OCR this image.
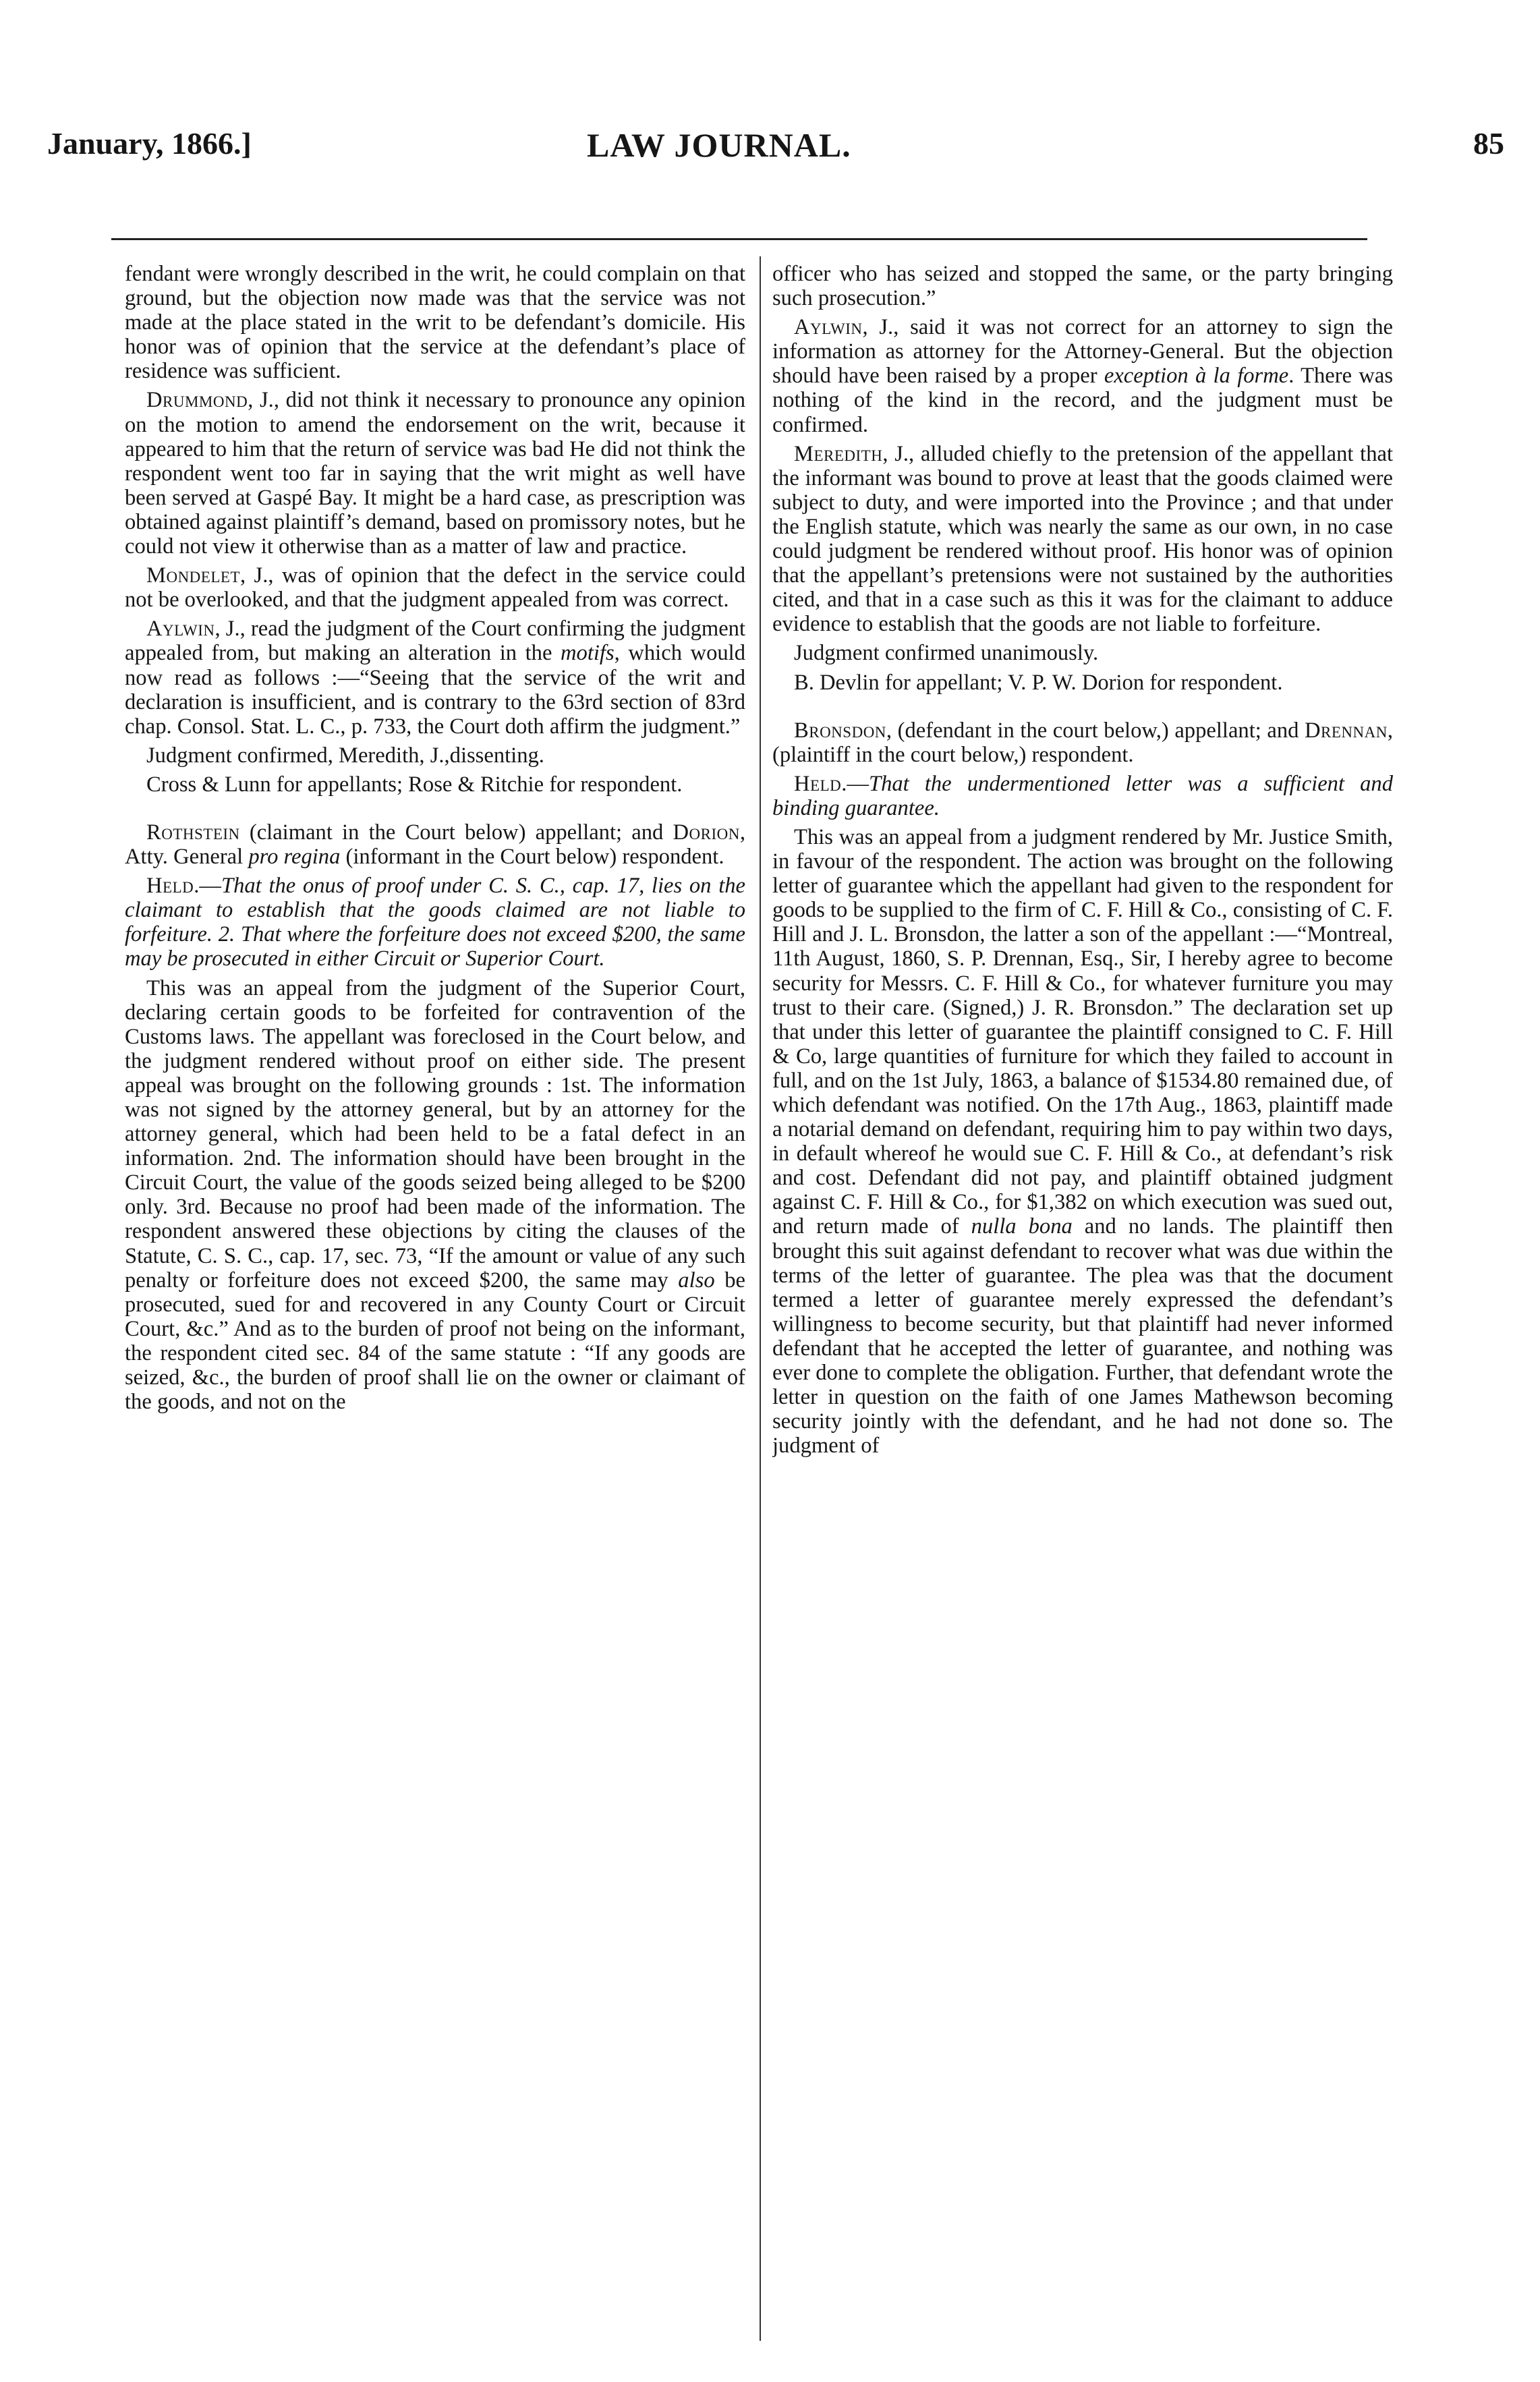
January, 1866.]	LAW JOURNAL.	85

fendant were wrongly described in the writ, he could complain on that ground, but the objection now made was that the service was not made at the place stated in the writ to be defendant’s domicile. His honor was of opinion that the service at the defendant’s place of residence was sufficient.

Drummond, J., did not think it necessary to pronounce any opinion on the motion to amend the endorsement on the writ, because it appeared to him that the return of service was bad He did not think the respondent went too far in saying that the writ might as well have been served at Gaspé Bay. It might be a hard case, as prescription was obtained against plaintiff’s demand, based on promissory notes, but he could not view it otherwise than as a matter of law and practice.

Mondelet, J., was of opinion that the defect in the service could not be overlooked, and that the judgment appealed from was correct.

Aylwin, J., read the judgment of the Court confirming the judgment appealed from, but making an alteration in the motifs, which would now read as follows :—“Seeing that the service of the writ and declaration is insufficient, and is contrary to the 63rd section of 83rd chap. Consol. Stat. L. C., p. 733, the Court doth affirm the judgment.”

Judgment confirmed, Meredith, J.,dissenting.

Cross & Lunn for appellants; Rose & Ritchie for respondent.

Rothstein (claimant in the Court below) appellant; and Dorion, Atty. General pro regina (informant in the Court below) respondent.

Held.—That the onus of proof under C. S. C., cap. 17, lies on the claimant to establish that the goods claimed are not liable to forfeiture. 2. That where the forfeiture does not exceed $200, the same may be prosecuted in either Circuit or Superior Court.

This was an appeal from the judgment of the Superior Court, declaring certain goods to be forfeited for contravention of the Customs laws. The appellant was foreclosed in the Court below, and the judgment rendered without proof on either side. The present appeal was brought on the following grounds : 1st. The information was not signed by the attorney general, but by an attorney for the attorney general, which had been held to be a fatal defect in an information. 2nd. The information should have been brought in the Circuit Court, the value of the goods seized being alleged to be $200 only. 3rd. Because no proof had been made of the information. The respondent answered these objections by citing the clauses of the Statute, C. S. C., cap. 17, sec. 73, “If the amount or value of any such penalty or forfeiture does not exceed $200, the same may also be prosecuted, sued for and recovered in any County Court or Circuit Court, &c.” And as to the burden of proof not being on the informant, the respondent cited sec. 84 of the same statute : “If any goods are seized, &c., the burden of proof shall lie on the owner or claimant of the goods, and not on the

officer who has seized and stopped the same, or the party bringing such prosecution.”

Aylwin, J., said it was not correct for an attorney to sign the information as attorney for the Attorney-General. But the objection should have been raised by a proper exception à la forme. There was nothing of the kind in the record, and the judgment must be confirmed.

Meredith, J., alluded chiefly to the pretension of the appellant that the informant was bound to prove at least that the goods claimed were subject to duty, and were imported into the Province ; and that under the English statute, which was nearly the same as our own, in no case could judgment be rendered without proof. His honor was of opinion that the appellant’s pretensions were not sustained by the authorities cited, and that in a case such as this it was for the claimant to adduce evidence to establish that the goods are not liable to forfeiture.

Judgment confirmed unanimously.

B. Devlin for appellant; V. P. W. Dorion for respondent.

Bronsdon, (defendant in the court below,) appellant; and Drennan, (plaintiff in the court below,) respondent.

Held.—That the undermentioned letter was a sufficient and binding guarantee.

This was an appeal from a judgment rendered by Mr. Justice Smith, in favour of the respondent. The action was brought on the following letter of guarantee which the appellant had given to the respondent for goods to be supplied to the firm of C. F. Hill & Co., consisting of C. F. Hill and J. L. Bronsdon, the latter a son of the appellant :—“Montreal, 11th August, 1860, S. P. Drennan, Esq., Sir, I hereby agree to become security for Messrs. C. F. Hill & Co., for whatever furniture you may trust to their care. (Signed,) J. R. Bronsdon.” The declaration set up that under this letter of guarantee the plaintiff consigned to C. F. Hill & Co, large quantities of furniture for which they failed to account in full, and on the 1st July, 1863, a balance of $1534.80 remained due, of which defendant was notified. On the 17th Aug., 1863, plaintiff made a notarial demand on defendant, requiring him to pay within two days, in default whereof he would sue C. F. Hill & Co., at defendant’s risk and cost. Defendant did not pay, and plaintiff obtained judgment against C. F. Hill & Co., for $1,382 on which execution was sued out, and return made of nulla bona and no lands. The plaintiff then brought this suit against defendant to recover what was due within the terms of the letter of guarantee. The plea was that the document termed a letter of guarantee merely expressed the defendant’s willingness to become security, but that plaintiff had never informed defendant that he accepted the letter of guarantee, and nothing was ever done to complete the obligation. Further, that defendant wrote the letter in question on the faith of one James Mathewson becoming security jointly with the defendant, and he had not done so. The judgment of
